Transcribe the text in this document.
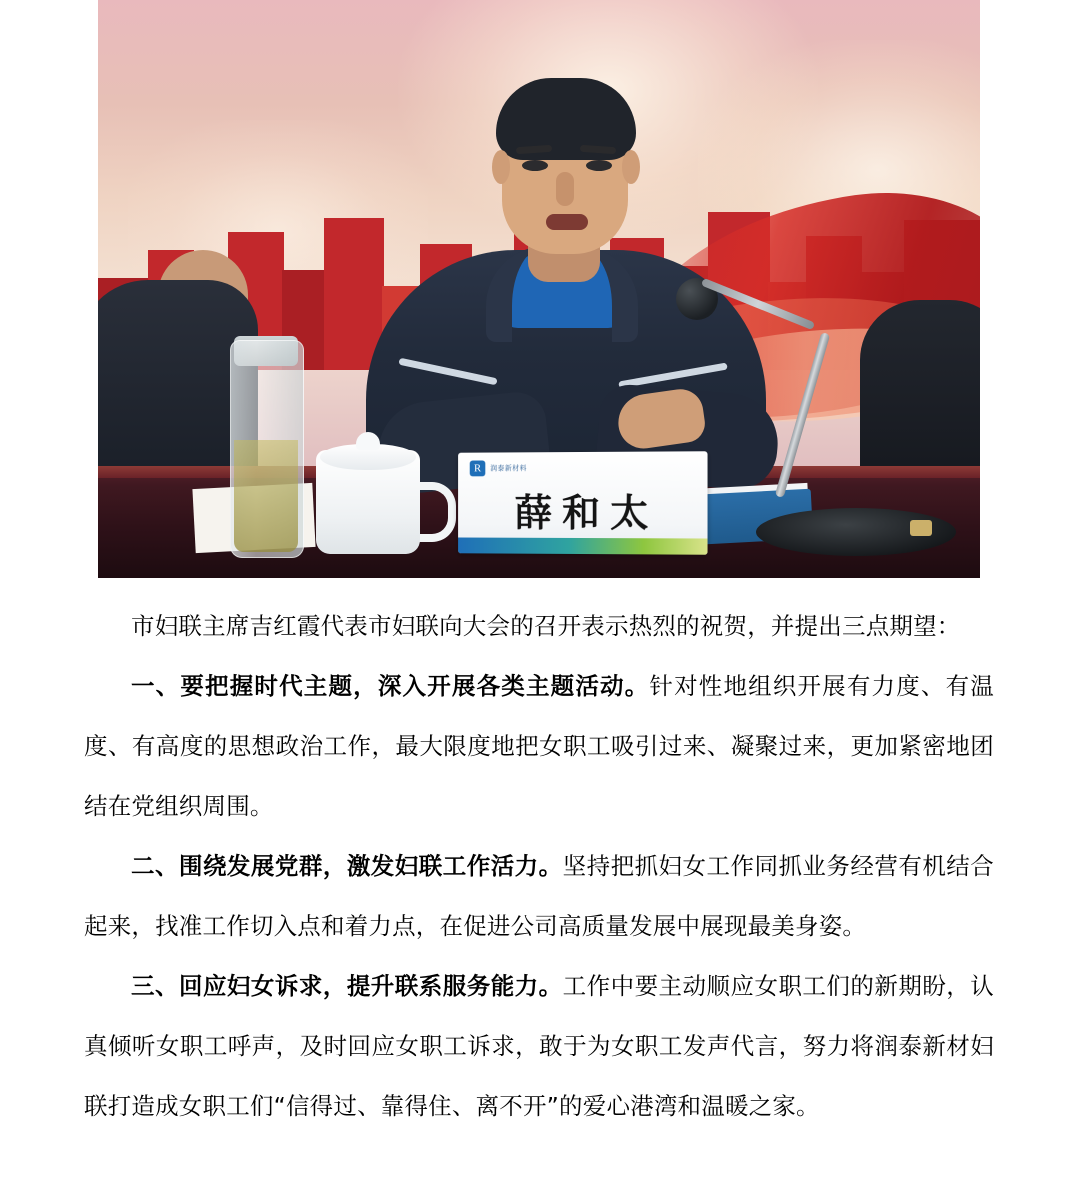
R	润泰新材料
薛和太

市妇联主席吉红霞代表市妇联向大会的召开表示热烈的祝贺，并提出三点期望：

一、要把握时代主题，深入开展各类主题活动。针对性地组织开展有力度、有温度、有高度的思想政治工作，最大限度地把女职工吸引过来、凝聚过来，更加紧密地团结在党组织周围。

二、围绕发展党群，激发妇联工作活力。坚持把抓妇女工作同抓业务经营有机结合起来，找准工作切入点和着力点，在促进公司高质量发展中展现最美身姿。

三、回应妇女诉求，提升联系服务能力。工作中要主动顺应女职工们的新期盼，认真倾听女职工呼声，及时回应女职工诉求，敢于为女职工发声代言，努力将润泰新材妇联打造成女职工们“信得过、靠得住、离不开”的爱心港湾和温暖之家。
